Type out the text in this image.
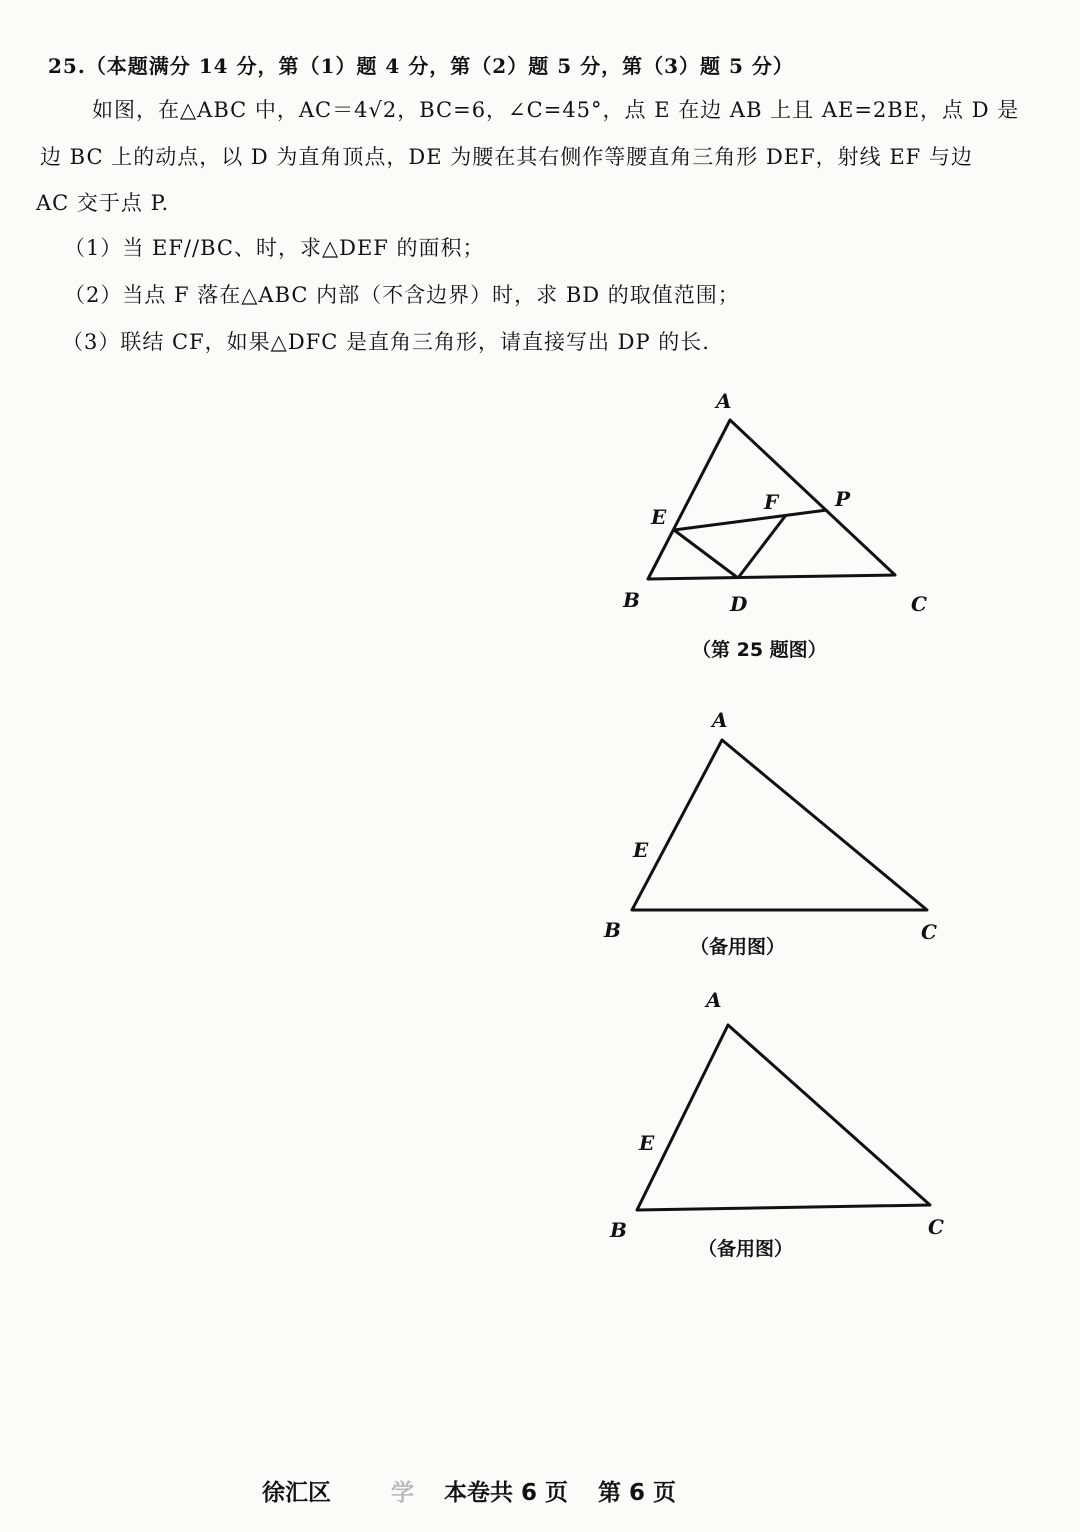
25.（本题满分 14 分，第（1）题 4 分，第（2）题 5 分，第（3）题 5 分）
如图，在△ABC 中，AC＝4√2，BC=6，∠C=45°，点 E 在边 AB 上且 AE=2BE，点 D 是
边 BC 上的动点，以 D 为直角顶点，DE 为腰在其右侧作等腰直角三角形 DEF，射线 EF 与边
AC 交于点 P.
（1）当 EF//BC、时，求△DEF 的面积；
（2）当点 F 落在△ABC 内部（不含边界）时，求 BD 的取值范围；
（3）联结 CF，如果△DFC 是直角三角形，请直接写出 DP 的长.
A
E
F	P
B	D	C
（第 25 题图）
A
E
B	C
（备用图）
A
E
B	C
（备用图）
徐汇区	学 本卷共 6 页 第 6 页
